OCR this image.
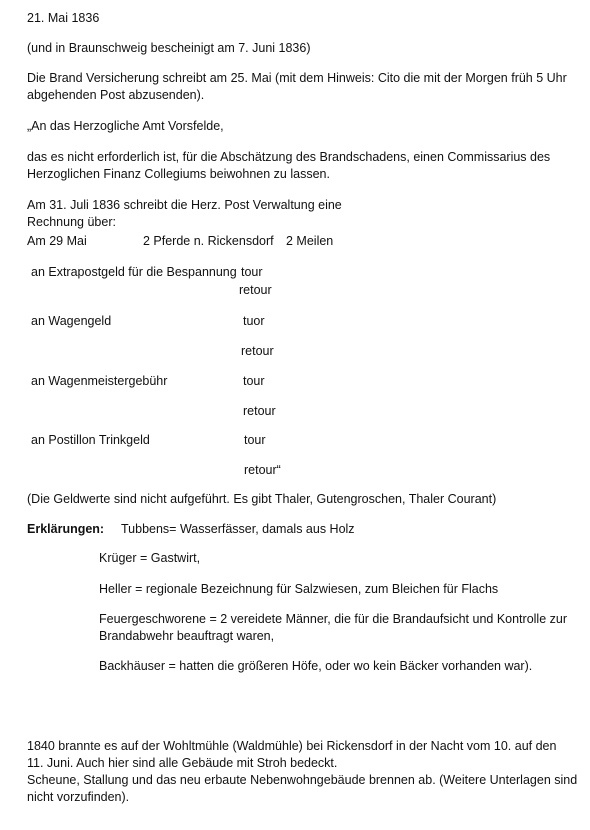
21. Mai 1836
(und in Braunschweig bescheinigt am 7. Juni 1836)
Die Brand Versicherung schreibt am 25. Mai (mit dem Hinweis: Cito die mit der Morgen früh 5 Uhr
abgehenden Post abzusenden).
„An das Herzogliche Amt Vorsfelde,
das es nicht erforderlich ist, für die Abschätzung des Brandschadens, einen Commissarius des
Herzoglichen Finanz Collegiums beiwohnen zu lassen.
Am 31. Juli 1836 schreibt die Herz. Post Verwaltung eine
Rechnung über:
Am 29 Mai	2 Pferde n. Rickensdorf 2 Meilen
an Extrapostgeld für die Bespannung tour
retour
an Wagengeld	tuor
retour
an Wagenmeistergebühr	tour
retour
an Postillon Trinkgeld	tour
retour“
(Die Geldwerte sind nicht aufgeführt. Es gibt Thaler, Gutengroschen, Thaler Courant)
Erklärungen: Tubbens= Wasserfässer, damals aus Holz
Krüger = Gastwirt,
Heller = regionale Bezeichnung für Salzwiesen, zum Bleichen für Flachs
Feuergeschworene = 2 vereidete Männer, die für die Brandaufsicht und Kontrolle zur
Brandabwehr beauftragt waren,
Backhäuser = hatten die größeren Höfe, oder wo kein Bäcker vorhanden war).
1840 brannte es auf der Wohltmühle (Waldmühle) bei Rickensdorf in der Nacht vom 10. auf den
11. Juni. Auch hier sind alle Gebäude mit Stroh bedeckt.
Scheune, Stallung und das neu erbaute Nebenwohngebäude brennen ab. (Weitere Unterlagen sind
nicht vorzufinden).
